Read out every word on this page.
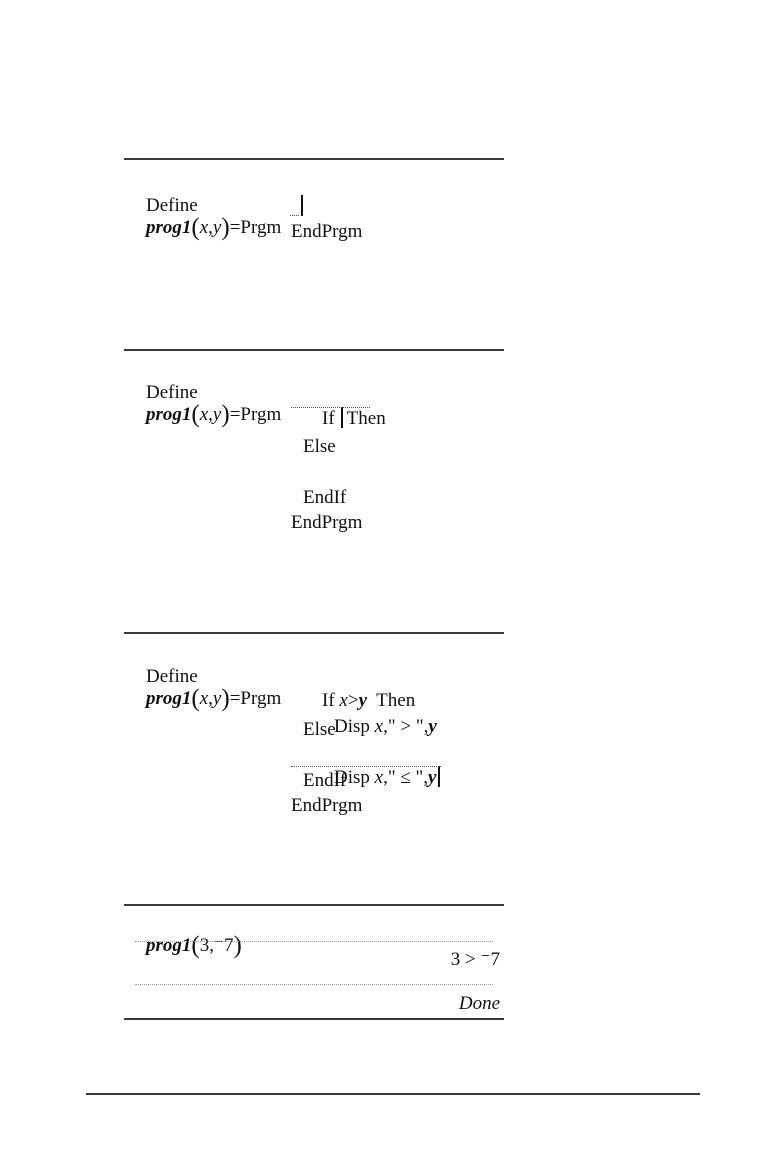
Define
prog1(x,y)=Prgm
EndPrgm

Define
prog1(x,y)=Prgm
	If Then

Else
EndIf
EndPrgm

Define
prog1(x,y)=Prgm
	If x>y Then

Disp x," > ",y

Else

Disp x," ≤ ",y

EndIf
EndPrgm

prog1(3,⁻7)

3 > ⁻7
Done
